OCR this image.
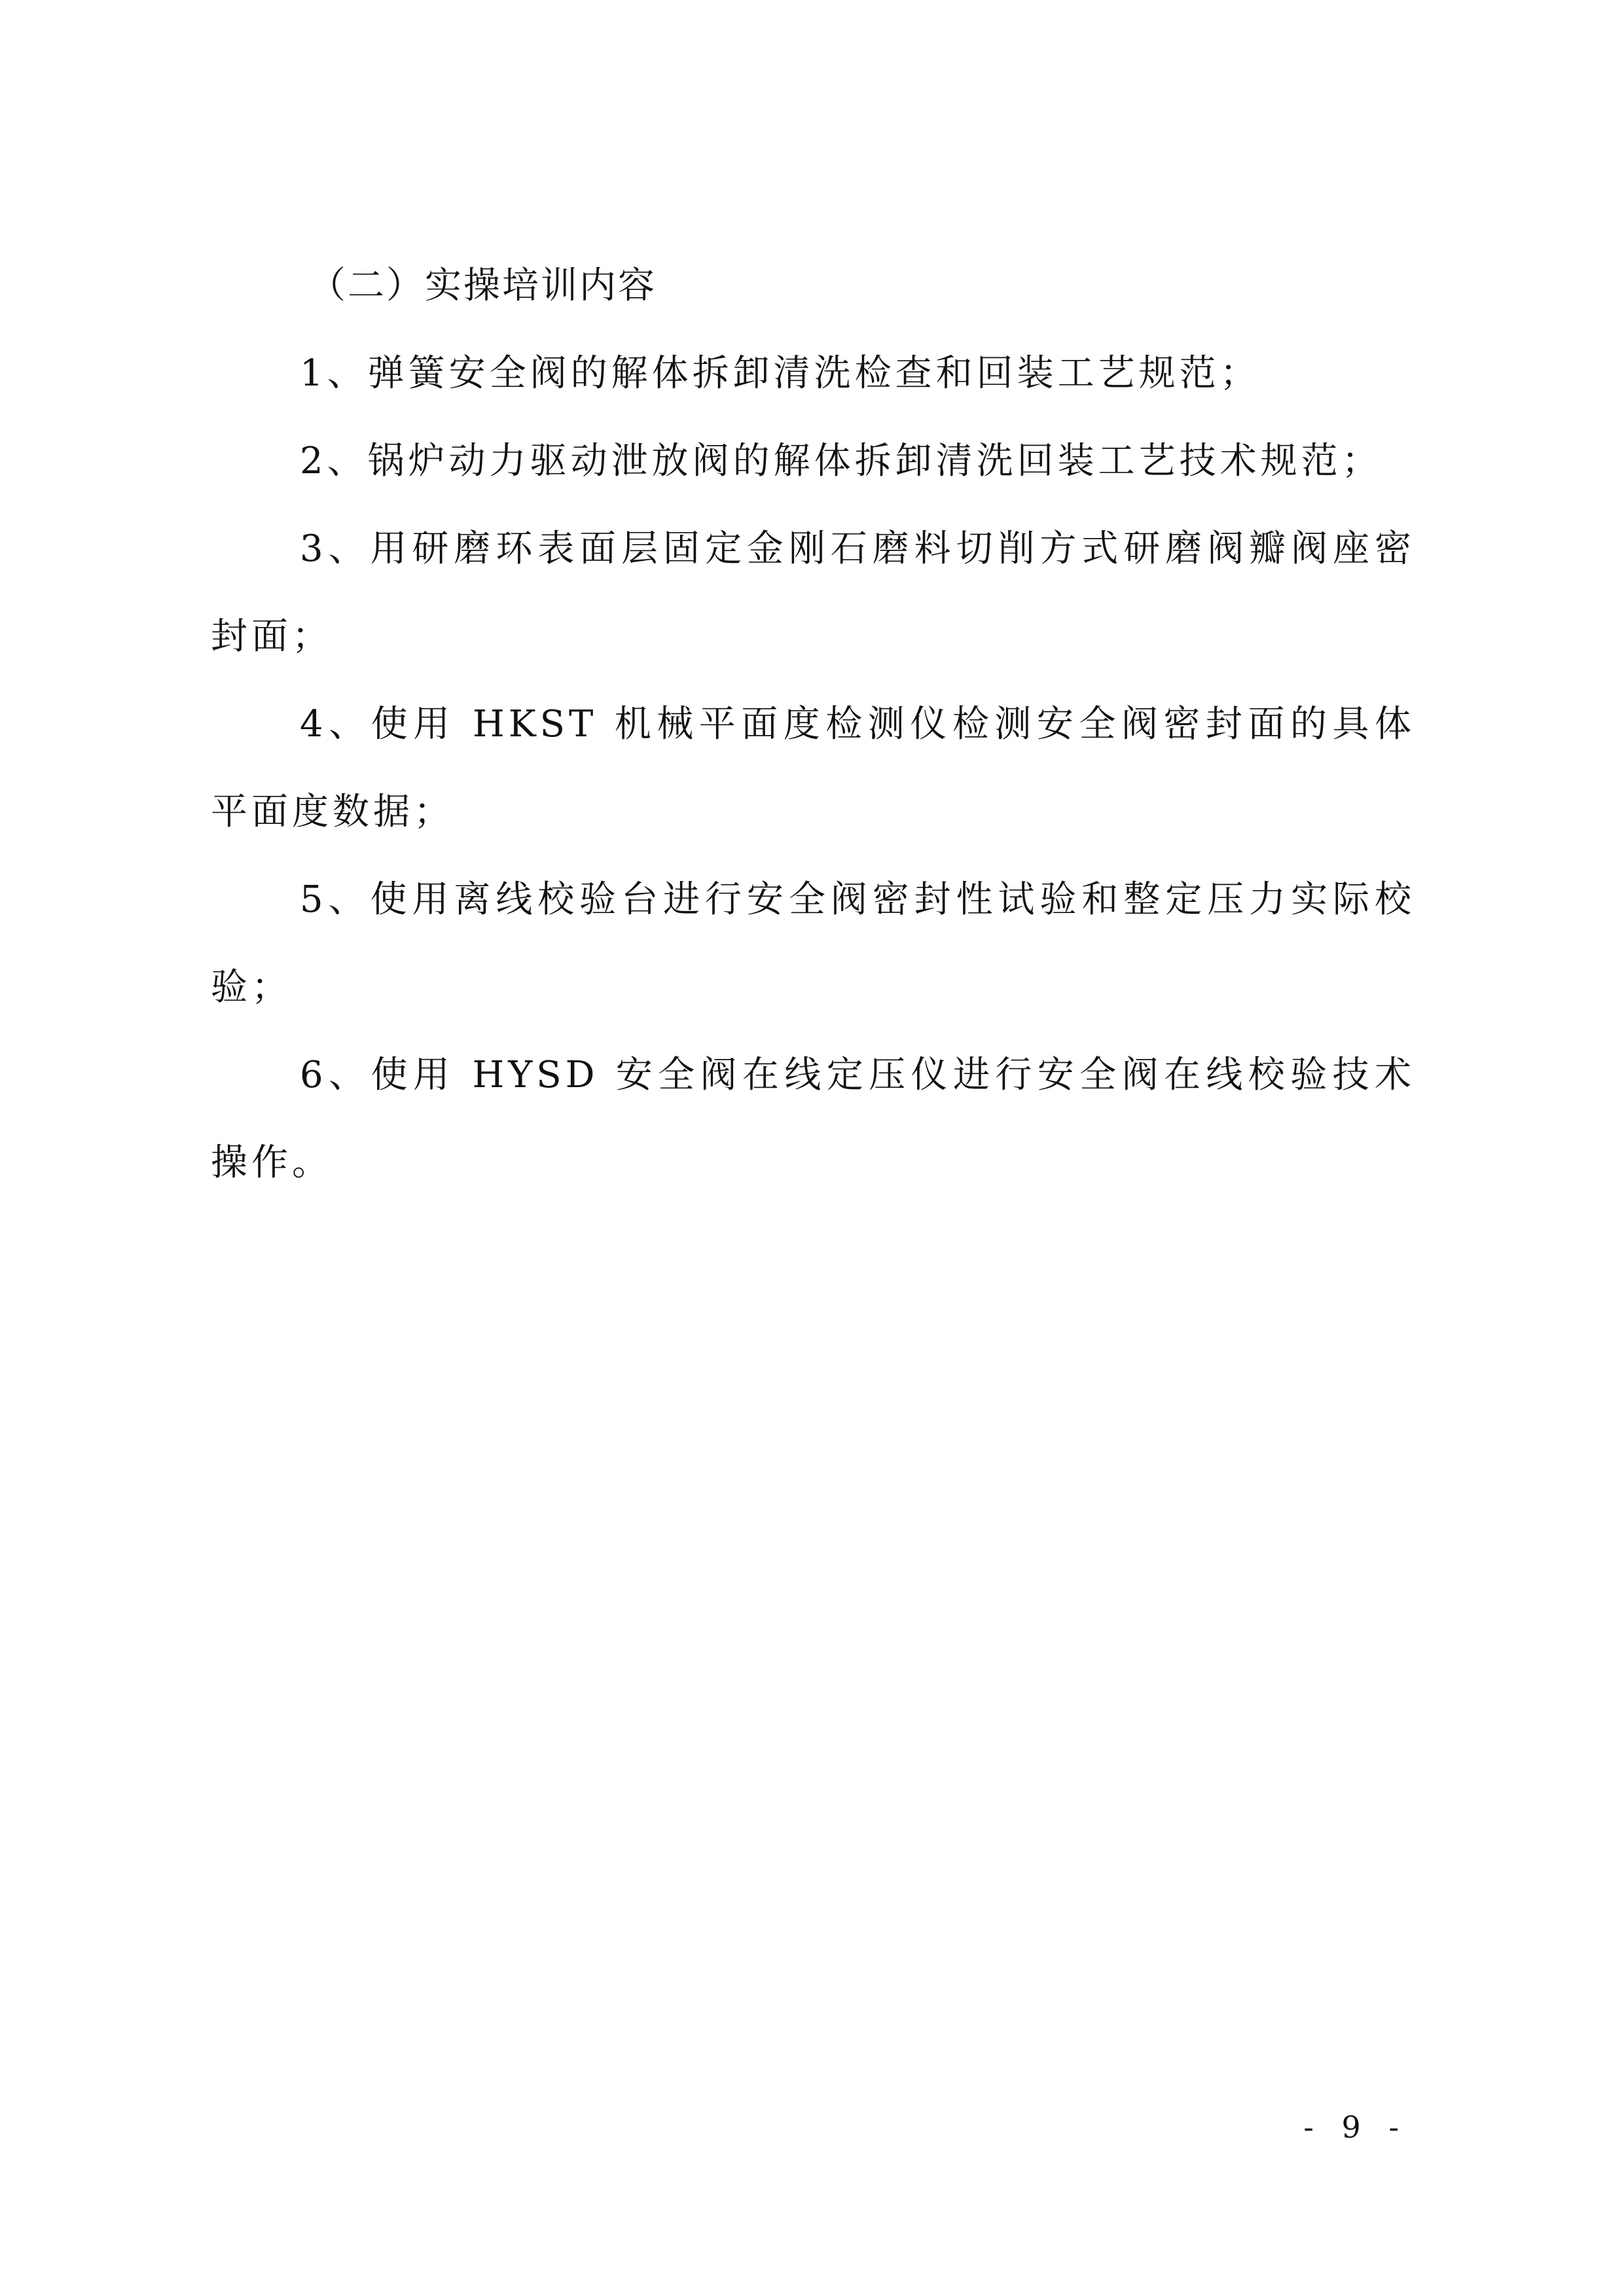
（二）实操培训内容

1、弹簧安全阀的解体拆卸清洗检查和回装工艺规范；

2、锅炉动力驱动泄放阀的解体拆卸清洗回装工艺技术规范；

3、用研磨环表面层固定金刚石磨料切削方式研磨阀瓣阀座密封面；

4、使用 HKST 机械平面度检测仪检测安全阀密封面的具体平面度数据；

5、使用离线校验台进行安全阀密封性试验和整定压力实际校验；

6、使用 HYSD 安全阀在线定压仪进行安全阀在线校验技术操作。

- 9 -
